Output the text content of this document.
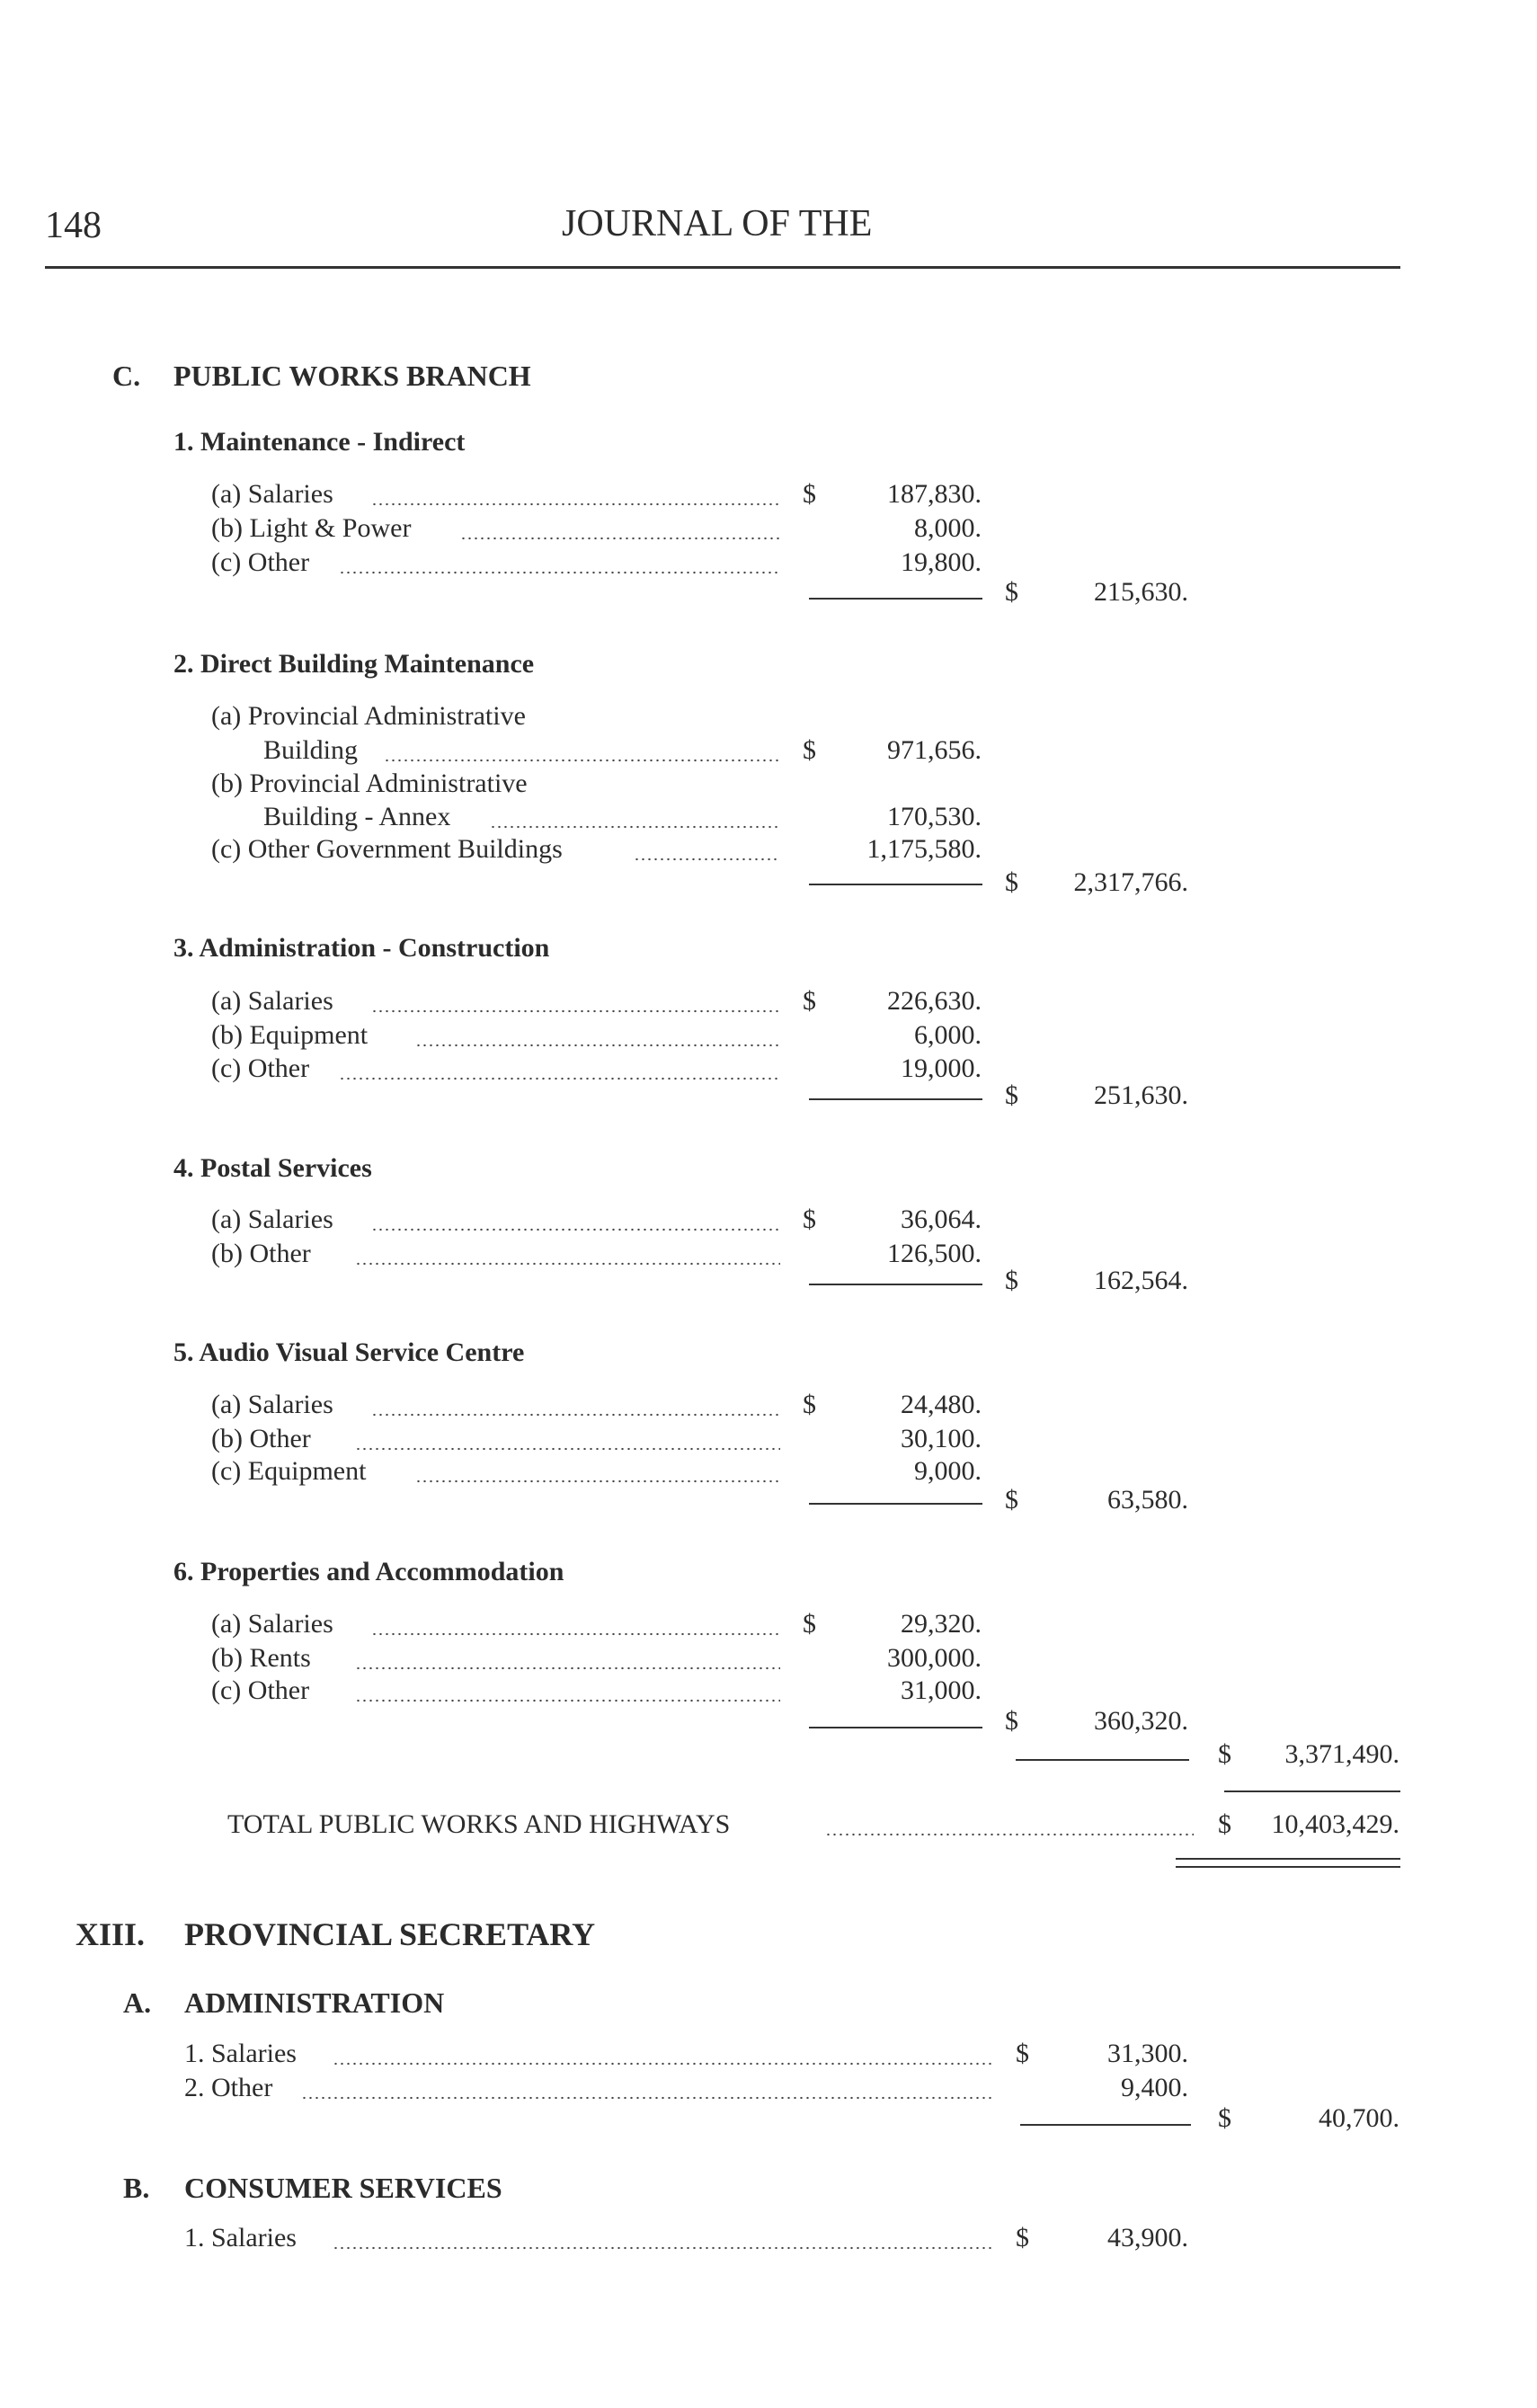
148	JOURNAL OF THE
C. PUBLIC WORKS BRANCH
1. Maintenance - Indirect
(a) Salaries	$	187,830.
(b) Light & Power	8,000.
(c) Other	19,800.
$	215,630.
2. Direct Building Maintenance
(a) Provincial Administrative
Building	$	971,656.
(b) Provincial Administrative
Building - Annex	170,530.
(c) Other Government Buildings	1,175,580.
$	2,317,766.
3. Administration - Construction
(a) Salaries	$	226,630.
(b) Equipment	6,000.
(c) Other	19,000.
$	251,630.
4. Postal Services
(a) Salaries	$	36,064.
(b) Other	126,500.
$	162,564.
5. Audio Visual Service Centre
(a) Salaries	$	24,480.
(b) Other	30,100.
(c) Equipment	9,000.
$	63,580.
6. Properties and Accommodation
(a) Salaries	$	29,320.
(b) Rents	300,000.
(c) Other	31,000.
$	360,320.
$	3,371,490.
TOTAL PUBLIC WORKS AND HIGHWAYS	$	10,403,429.
XIII. PROVINCIAL SECRETARY
A. ADMINISTRATION
1. Salaries	$	31,300.
2. Other	9,400.
$	40,700.
B. CONSUMER SERVICES
1. Salaries	$	43,900.
